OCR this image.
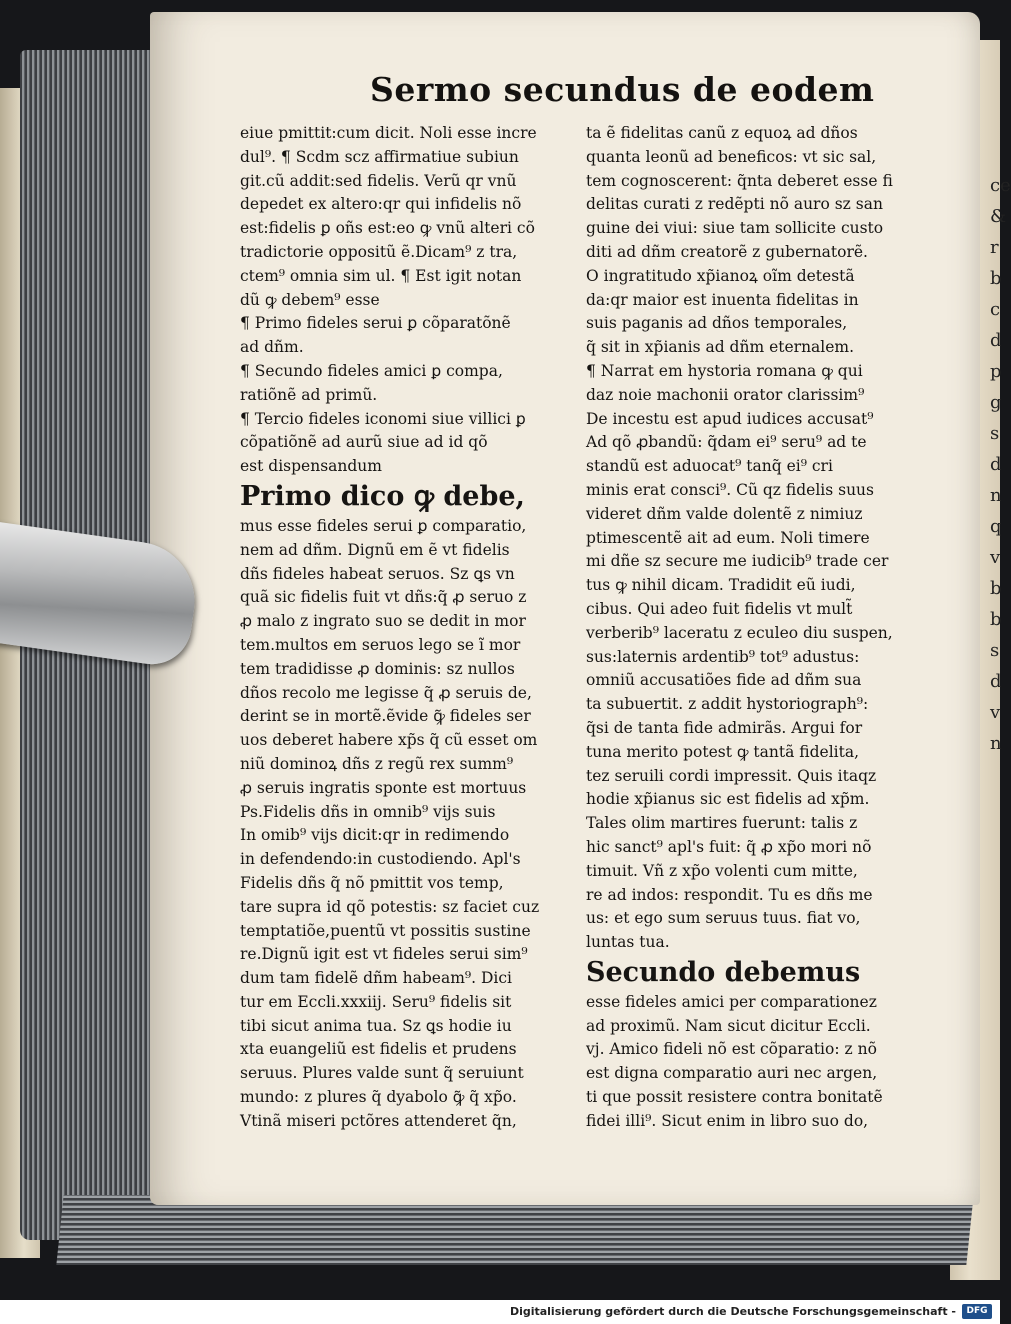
ce
&
r
b
c
d
p
g
s
d
n
q
v
b
b
s
d
v
n
Sermo secundus de eodem
eiue pmittit:cum dicit. Noli esse incre
dul⁹. ¶ Scdm scz affirmatiue subiun
git.cũ addit:sed fidelis. Verũ qr vnũ
depedet ex altero:qr qui infidelis nõ
est:fidelis ꝑ oñs est:eo ꝙ vnũ alteri cõ
tradictorie oppositũ ẽ.Dicam⁹ z tra,
ctem⁹ omnia sim ul. ¶ Est igit notan
dũ ꝙ debem⁹ esse
¶ Primo fideles serui ꝑ cõparatõnẽ
ad dñm.
¶ Secundo fideles amici ꝑ compa,
ratiõnẽ ad primũ.
¶ Tercio fideles iconomi siue villici ꝑ
cõpatiõnẽ ad aurũ siue ad id qõ
est dispensandum
Primo dico ꝙ debe,
mus esse fideles serui ꝑ comparatio,
nem ad dñm. Dignũ em ẽ vt fidelis
dñs fideles habeat seruos. Sz ꝗs vn
quã sic fidelis fuit vt dñs:q̃ ꝓ seruo z
ꝓ malo z ingrato suo se dedit in mor
tem.multos em seruos lego se ĩ mor
tem tradidisse ꝓ dominis: sz nullos
dños recolo me legisse q̃ ꝓ seruis de,
derint se in mortẽ.ẽvide ꝙ̃ fideles ser
uos deberet habere xp̃s q̃ cũ esset om
niũ dominoꝝ dñs z regũ rex summ⁹
ꝓ seruis ingratis sponte est mortuus
Ps.Fidelis dñs in omnib⁹ vijs suis
In omib⁹ vijs dicit:qr in redimendo
in defendendo:in custodiendo. Apl's
Fidelis dñs q̃ nõ pmittit vos temp,
tare supra id qõ potestis: sz faciet cuz
temptatiõe,puentũ vt possitis sustine
re.Dignũ igit est vt fideles serui sim⁹
dum tam fidelẽ dñm habeam⁹. Dici
tur em Eccli.xxxiij. Seru⁹ fidelis sit
tibi sicut anima tua. Sz ꝗs hodie iu
xta euangeliũ est fidelis et prudens
seruus. Plures valde sunt q̃ seruiunt
mundo: z plures q̃ dyabolo ꝙ̃ q̃ xp̃o.
Vtinã miseri pctõres attenderet q̃n,
ta ẽ fidelitas canũ z equoꝝ ad dños
quanta leonũ ad beneficos: vt sic sal,
tem cognoscerent: q̃nta deberet esse fi
delitas curati z redẽpti nõ auro sz san
guine dei viui: siue tam sollicite custo
diti ad dñm creatorẽ z gubernatorẽ.
O ingratitudo xp̃ianoꝝ oĩm detestã
da:qr maior est inuenta fidelitas in
suis paganis ad dños temporales,
q̃ sit in xp̃ianis ad dñm eternalem.
¶ Narrat em hystoria romana ꝙ qui
daz noie machonii orator clarissim⁹
De incestu est apud iudices accusat⁹
Ad qõ ꝓbandũ: q̃dam ei⁹ seru⁹ ad te
standũ est aduocat⁹ tanq̃ ei⁹ cri
minis erat consci⁹. Cũ qz fidelis suus
videret dñm valde dolentẽ z nimiuz
ptimescentẽ ait ad eum. Noli timere
mi dñe sz secure me iudicib⁹ trade cer
tus ꝙ nihil dicam. Tradidit eũ iudi,
cibus. Qui adeo fuit fidelis vt mult̃
verberib⁹ laceratu z eculeo diu suspen,
sus:laternis ardentib⁹ tot⁹ adustus:
omniũ accusatiões fide ad dñm sua
ta subuertit. z addit hystoriograph⁹:
q̃si de tanta fide admirãs. Argui for
tuna merito potest ꝙ tantã fidelita,
tez seruili cordi impressit. Quis itaqz
hodie xp̃ianus sic est fidelis ad xp̃m.
Tales olim martires fuerunt: talis z
hic sanct⁹ apl's fuit: q̃ ꝓ xp̃o mori nõ
timuit. Vñ z xp̃o volenti cum mitte,
re ad indos: respondit. Tu es dñs me
us: et ego sum seruus tuus. fiat vo,
luntas tua.
Secundo debemus
esse fideles amici per comparationez
ad proximũ. Nam sicut dicitur Eccli.
vj. Amico fideli nõ est cõparatio: z nõ
est digna comparatio auri nec argen,
ti que possit resistere contra bonitatẽ
fidei illi⁹. Sicut enim in libro suo do,
Digitalisierung gefördert durch die Deutsche Forschungsgemeinschaft -	DFG
